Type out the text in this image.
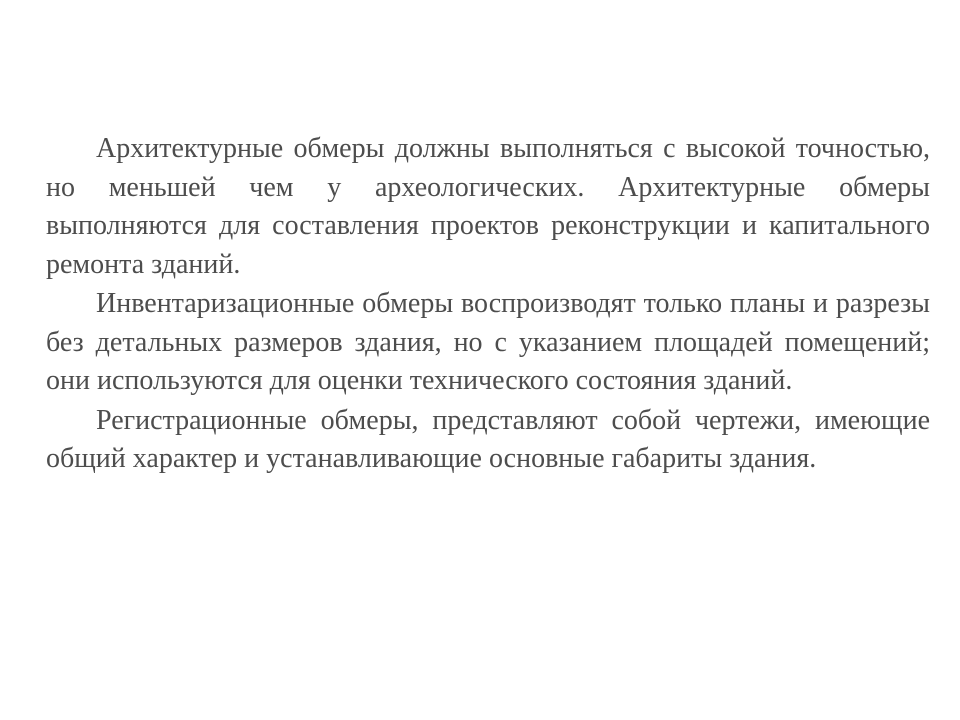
Архитектурные обмеры должны выполняться с высокой точностью, но меньшей чем у археологических. Архитектурные обмеры выполняются для составления проектов реконструкции и капитального ремонта зданий.

Инвентаризационные обмеры воспроизводят только планы и разрезы без детальных размеров здания, но с указанием площадей помещений; они используются для оценки технического состояния зданий.

Регистрационные обмеры, представляют собой чертежи, имеющие общий характер и устанавливающие основные габариты здания.
